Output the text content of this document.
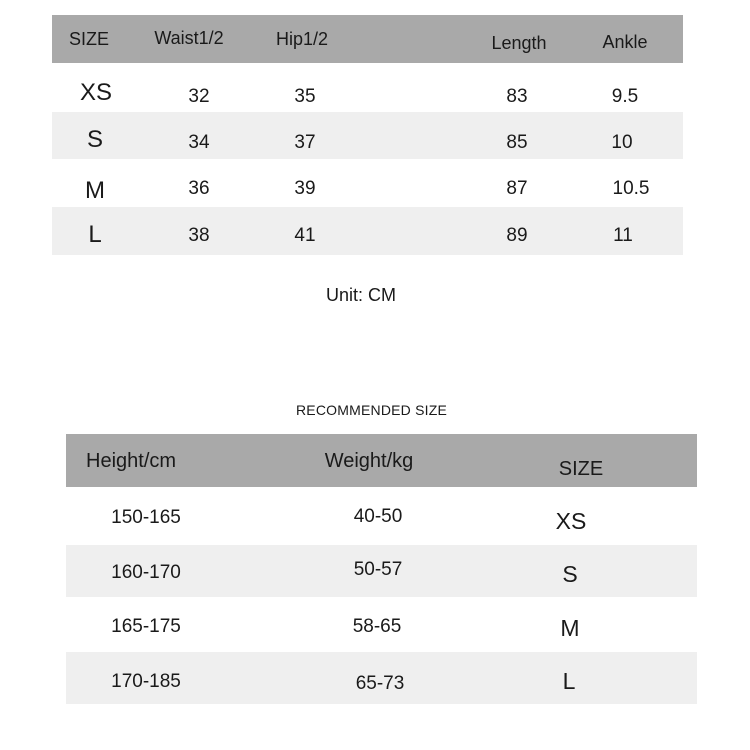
SIZE	Waist1/2	Hip1/2	Length	Ankle
XS	32	35	83	9.5
S	34	37	85	10
M	36	39	87	10.5
L	38	41	89	11
Unit: CM
RECOMMENDED SIZE
Height/cm	Weight/kg	SIZE
150-165	40-50	XS
160-170	50-57	S
165-175	58-65	M
170-185	65-73	L
